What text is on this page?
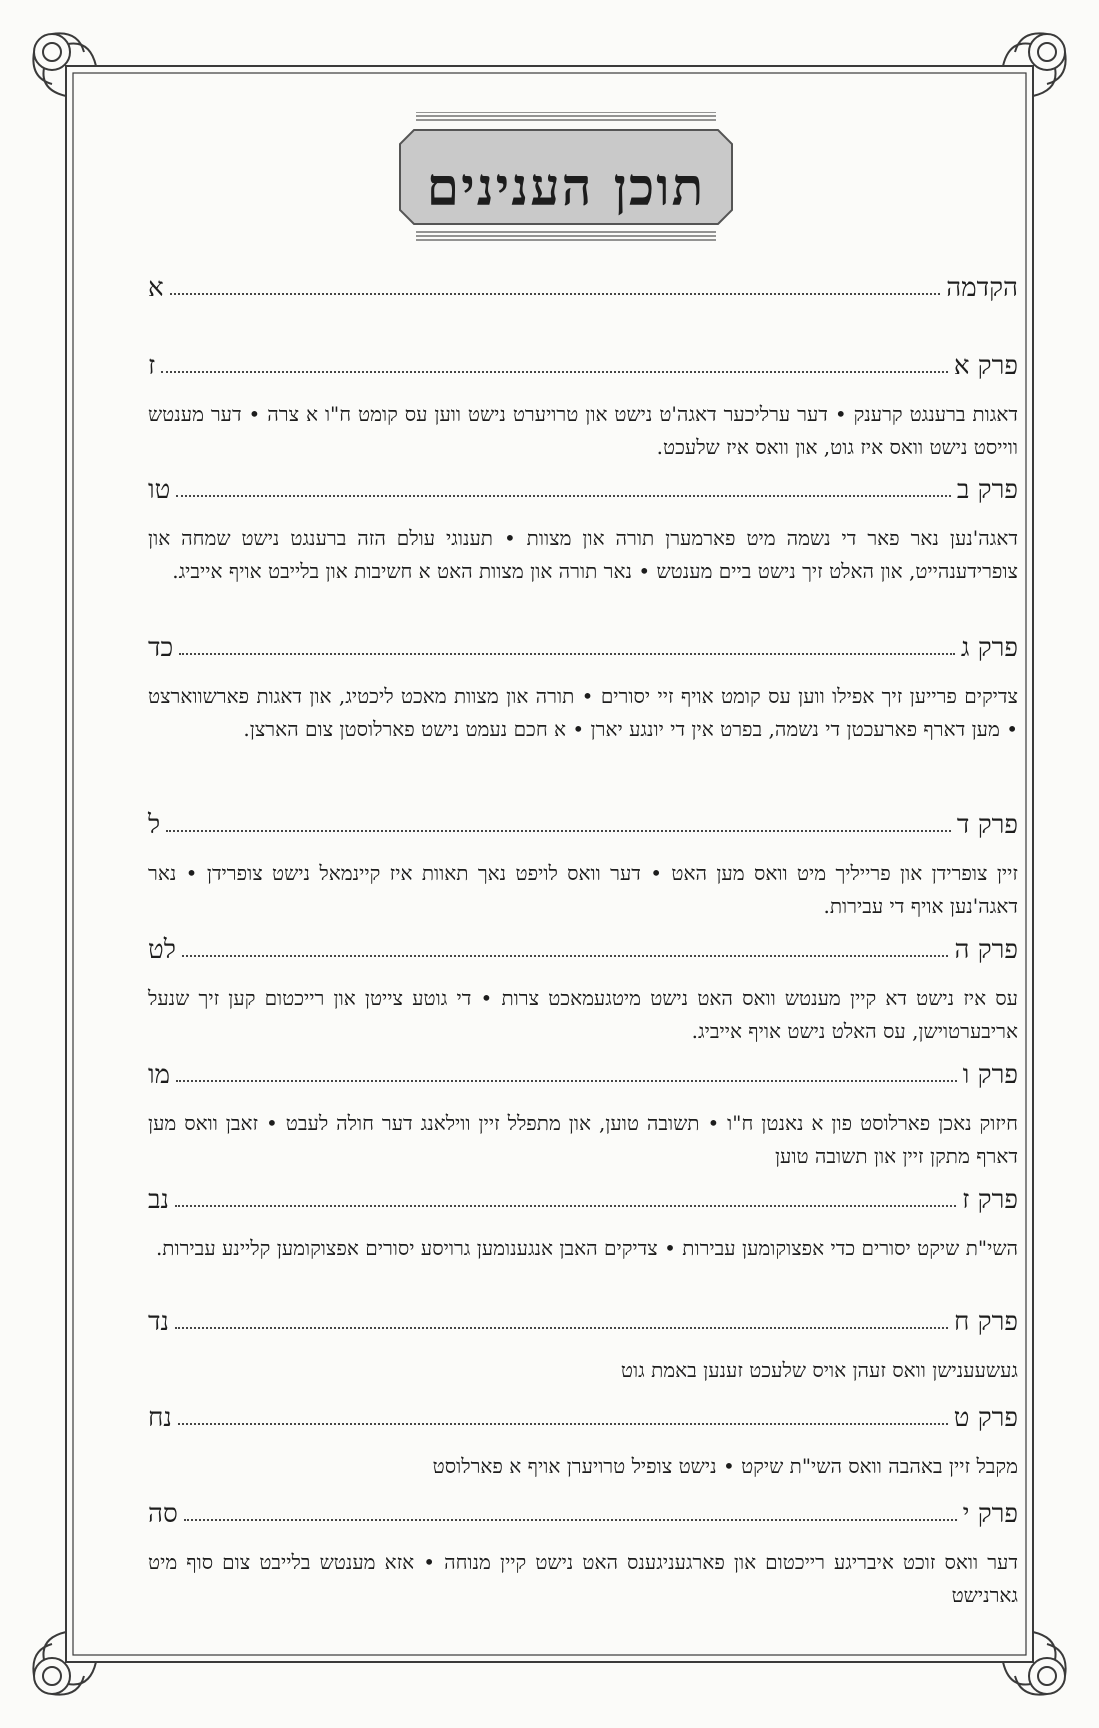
תוכן הענינים
הקדמה
א
פרק א
ז
דאגות ברענגט קרענק • דער ערליכער דאגה'ט נישט און טרויערט נישט ווען עס קומט ח"ו א צרה • דער מענטש ווייסט נישט וואס איז גוט, און וואס איז שלעכט.
פרק ב
טו
דאגה'נען נאר פאר די נשמה מיט פארמערן תורה און מצוות • תענוגי עולם הזה ברענגט נישט שמחה און צופרידענהייט, און האלט זיך נישט ביים מענטש • נאר תורה און מצוות האט א חשיבות און בלייבט אויף אייביג.
פרק ג
כד
צדיקים פרייען זיך אפילו ווען עס קומט אויף זיי יסורים • תורה און מצוות מאכט ליכטיג, און דאגות פארשווארצט • מען דארף פארעכטן די נשמה, בפרט אין די יונגע יארן • א חכם נעמט נישט פארלוסטן צום הארצן.
פרק ד
ל
זיין צופרידן און פרייליך מיט וואס מען האט • דער וואס לויפט נאך תאוות איז קיינמאל נישט צופרידן • נאר דאגה'נען אויף די עבירות.
פרק ה
לט
עס איז נישט דא קיין מענטש וואס האט נישט מיטגעמאכט צרות • די גוטע צייטן און רייכטום קען זיך שנעל אריבערטוישן, עס האלט נישט אויף אייביג.
פרק ו
מו
חיזוק נאכן פארלוסט פון א נאנטן ח"ו • תשובה טוען, און מתפלל זיין ווילאנג דער חולה לעבט • זאבן וואס מען דארף מתקן זיין און תשובה טוען
פרק ז
נב
השי"ת שיקט יסורים כדי אפצוקומען עבירות • צדיקים האבן אנגענומען גרויסע יסורים אפצוקומען קליינע עבירות.
פרק ח
נד
געשעענישן וואס זעהן אויס שלעכט זענען באמת גוט
פרק ט
נח
מקבל זיין באהבה וואס השי"ת שיקט • נישט צופיל טרויערן אויף א פארלוסט
פרק י
סה
דער וואס זוכט איבריגע רייכטום און פארגעניגענס האט נישט קיין מנוחה • אזא מענטש בלייבט צום סוף מיט גארנישט
